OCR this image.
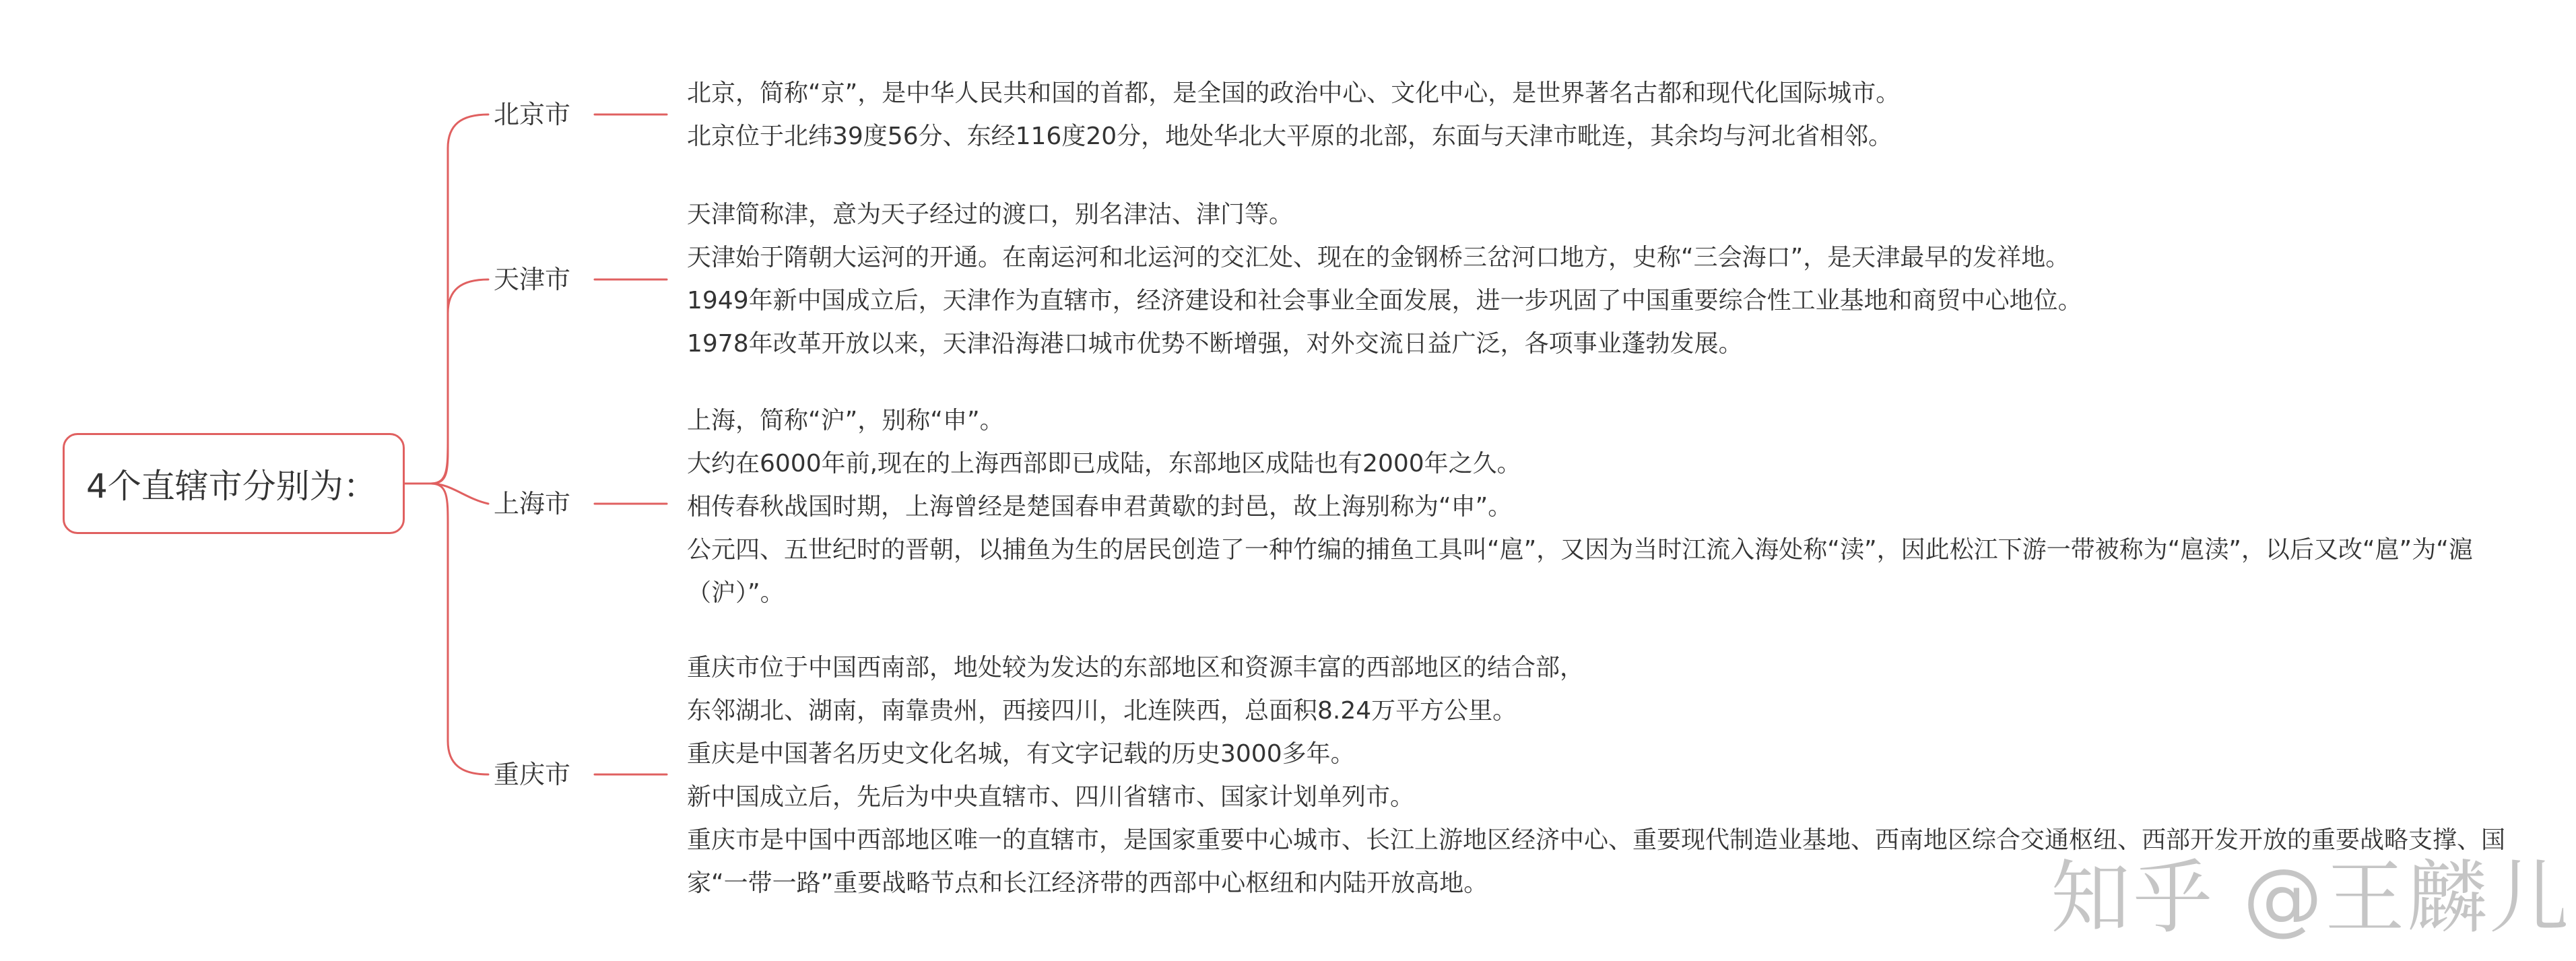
4个直辖市分别为：
北京市
北京，简称“京”，是中华人民共和国的首都，是全国的政治中心、文化中心，是世界著名古都和现代化国际城市。
北京位于北纬39度56分、东经116度20分，地处华北大平原的北部，东面与天津市毗连，其余均与河北省相邻。
天津市
天津简称津，意为天子经过的渡口，别名津沽、津门等。
天津始于隋朝大运河的开通。在南运河和北运河的交汇处、现在的金钢桥三岔河口地方，史称“三会海口”，是天津最早的发祥地。
1949年新中国成立后，天津作为直辖市，经济建设和社会事业全面发展，进一步巩固了中国重要综合性工业基地和商贸中心地位。
1978年改革开放以来，天津沿海港口城市优势不断增强，对外交流日益广泛，各项事业蓬勃发展。
上海市
上海，简称“沪”，别称“申”。
大约在6000年前,现在的上海西部即已成陆，东部地区成陆也有2000年之久。
相传春秋战国时期，上海曾经是楚国春申君黄歇的封邑，故上海别称为“申”。
公元四、五世纪时的晋朝，以捕鱼为生的居民创造了一种竹编的捕鱼工具叫“扈”，又因为当时江流入海处称“渎”，因此松江下游一带被称为“扈渎”，以后又改“扈”为“滬（沪）”。
重庆市
重庆市位于中国西南部，地处较为发达的东部地区和资源丰富的西部地区的结合部，
东邻湖北、湖南，南靠贵州，西接四川，北连陕西，总面积8.24万平方公里。
重庆是中国著名历史文化名城，有文字记载的历史3000多年。
新中国成立后，先后为中央直辖市、四川省辖市、国家计划单列市。
重庆市是中国中西部地区唯一的直辖市，是国家重要中心城市、长江上游地区经济中心、重要现代制造业基地、西南地区综合交通枢纽、西部开发开放的重要战略支撑、国家“一带一路”重要战略节点和长江经济带的西部中心枢纽和内陆开放高地。	知乎 @王麟儿
